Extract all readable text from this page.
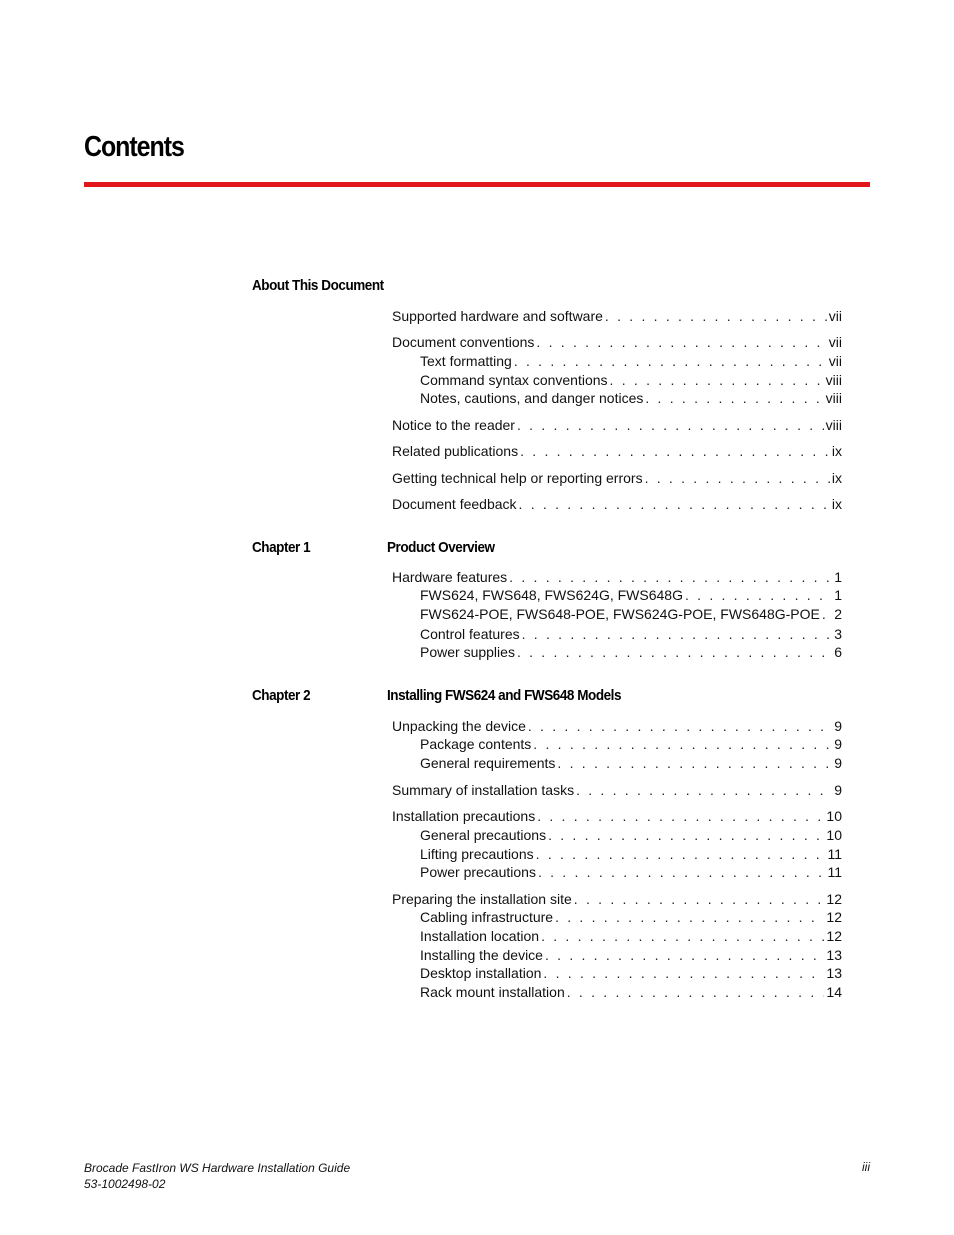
Contents
About This Document
Supported hardware and software . . .	vii
Document conventions . . .	vii
Text formatting . . .	vii
Command syntax conventions . . .	viii
Notes, cautions, and danger notices . . .	viii
Notice to the reader . . .	viii
Related publications . . .	ix
Getting technical help or reporting errors . . .	ix
Document feedback . . .	ix
Chapter 1	Product Overview
Hardware features . . .	1
FWS624, FWS648, FWS624G, FWS648G . . .	1
FWS624-POE, FWS648-POE, FWS624G-POE, FWS648G-POE . . . 2
Control features . . .	3
Power supplies . . .	6
Chapter 2	Installing FWS624 and FWS648 Models
Unpacking the device . . .	9
Package contents . . .	9
General requirements . . .	9
Summary of installation tasks . . .	9
Installation precautions . . .	10
General precautions . . .	10
Lifting precautions . . .	11
Power precautions . . .	11
Preparing the installation site . . .	12
Cabling infrastructure . . .	12
Installation location . . .	12
Installing the device . . .	13
Desktop installation . . .	13
Rack mount installation . . .	14
Brocade FastIron WS Hardware Installation Guide
53-1002498-02
iii
